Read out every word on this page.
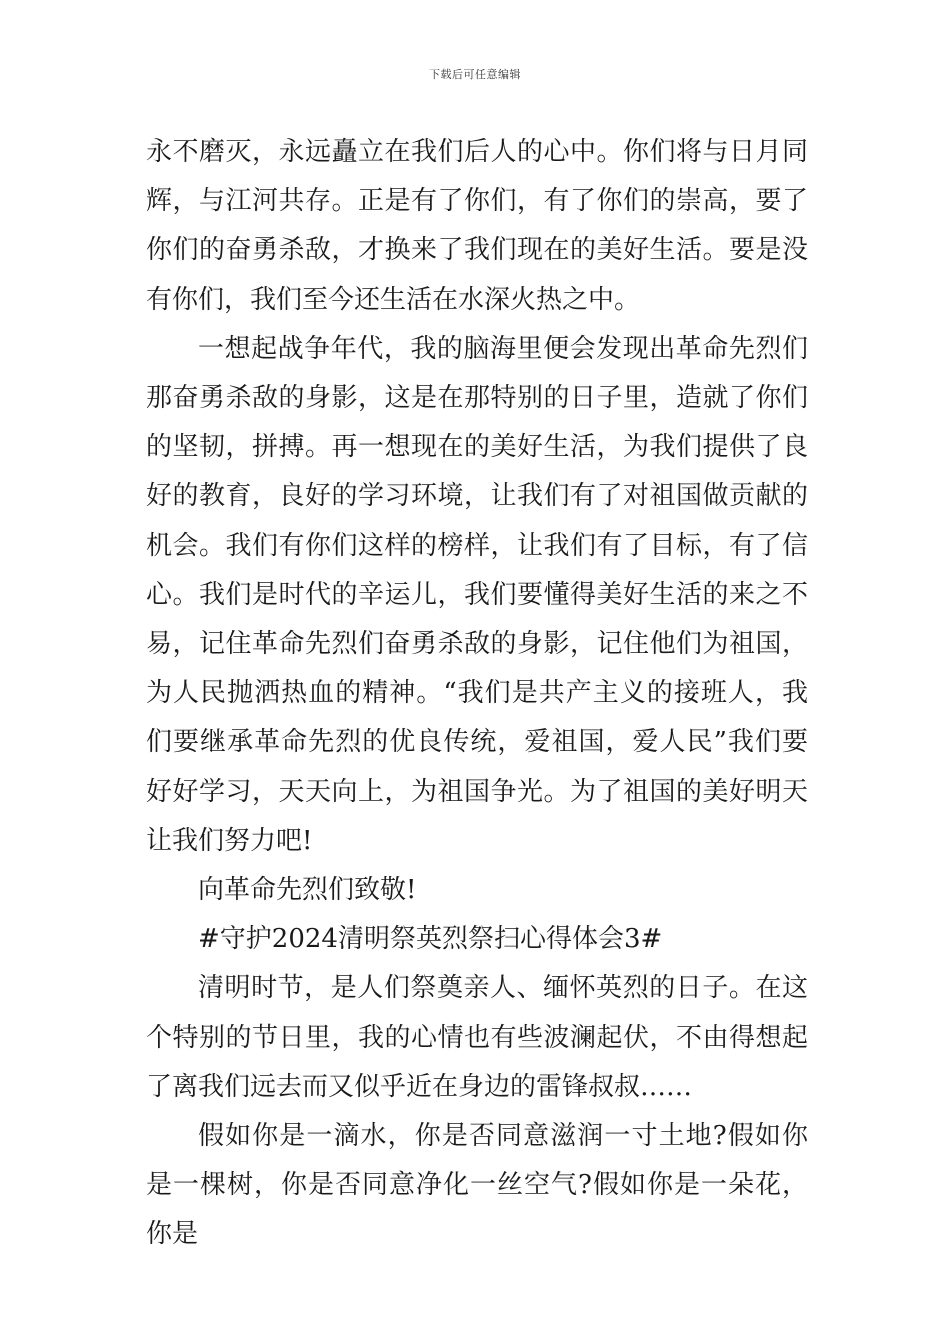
下载后可任意编辑

永不磨灭，永远矗立在我们后人的心中。你们将与日月同辉，与江河共存。正是有了你们，有了你们的崇高，要了你们的奋勇杀敌，才换来了我们现在的美好生活。要是没有你们，我们至今还生活在水深火热之中。

一想起战争年代，我的脑海里便会发现出革命先烈们那奋勇杀敌的身影，这是在那特别的日子里，造就了你们的坚韧，拼搏。再一想现在的美好生活，为我们提供了良好的教育，良好的学习环境，让我们有了对祖国做贡献的机会。我们有你们这样的榜样，让我们有了目标，有了信心。我们是时代的辛运儿，我们要懂得美好生活的来之不易，记住革命先烈们奋勇杀敌的身影，记住他们为祖国，为人民抛洒热血的精神。“我们是共产主义的接班人，我们要继承革命先烈的优良传统，爱祖国，爱人民”我们要好好学习，天天向上，为祖国争光。为了祖国的美好明天让我们努力吧!

向革命先烈们致敬!

#守护2024清明祭英烈祭扫心得体会3#

清明时节，是人们祭奠亲人、缅怀英烈的日子。在这个特别的节日里，我的心情也有些波澜起伏，不由得想起了离我们远去而又似乎近在身边的雷锋叔叔……

假如你是一滴水，你是否同意滋润一寸土地?假如你是一棵树，你是否同意净化一丝空气?假如你是一朵花，你是
